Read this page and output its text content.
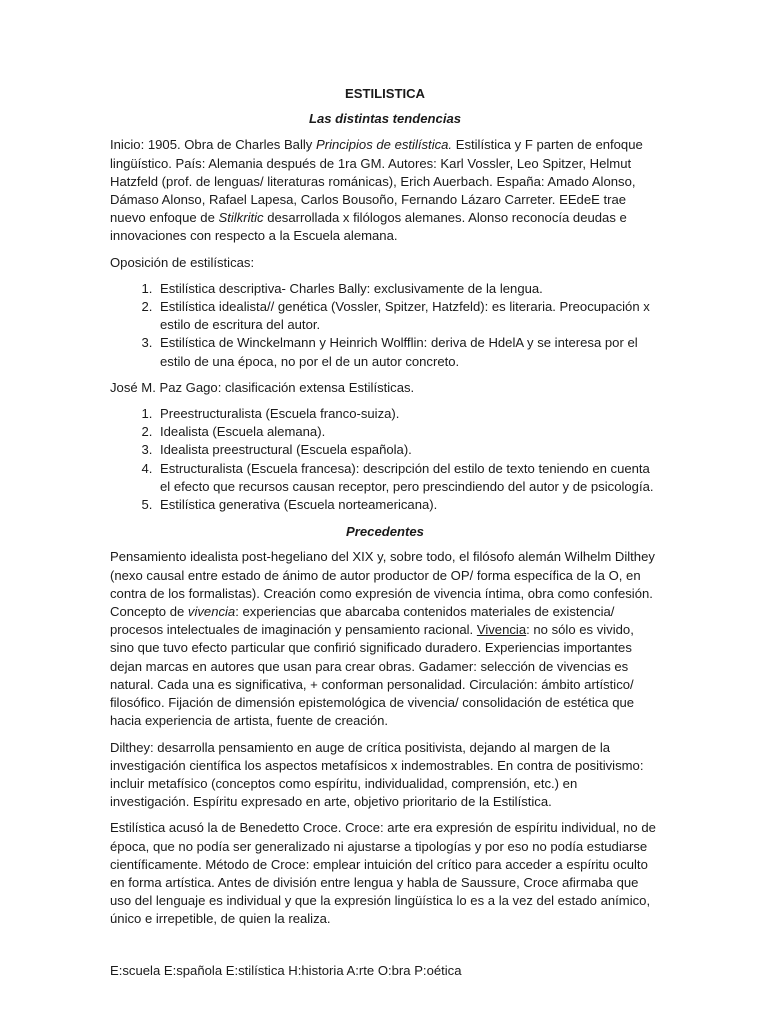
ESTILISTICA
Las distintas tendencias

Inicio: 1905. Obra de Charles Bally Principios de estilística. Estilística y F parten de enfoque lingüístico. País: Alemania después de 1ra GM. Autores: Karl Vossler, Leo Spitzer, Helmut Hatzfeld (prof. de lenguas/ literaturas románicas), Erich Auerbach. España: Amado Alonso, Dámaso Alonso, Rafael Lapesa, Carlos Bousoño, Fernando Lázaro Carreter. EEdeE trae nuevo enfoque de Stilkritic desarrollada x filólogos alemanes. Alonso reconocía deudas e innovaciones con respecto a la Escuela alemana.

Oposición de estilísticas:

1. Estilística descriptiva- Charles Bally: exclusivamente de la lengua.
2. Estilística idealista// genética (Vossler, Spitzer, Hatzfeld): es literaria. Preocupación x estilo de escritura del autor.
3. Estilística de Winckelmann y Heinrich Wolfflin: deriva de HdelA y se interesa por el estilo de una época, no por el de un autor concreto.

José M. Paz Gago: clasificación extensa Estilísticas.

1. Preestructuralista (Escuela franco-suiza).
2. Idealista (Escuela alemana).
3. Idealista preestructural (Escuela española).
4. Estructuralista (Escuela francesa): descripción del estilo de texto teniendo en cuenta el efecto que recursos causan receptor, pero prescindiendo del autor y de psicología.
5. Estilística generativa (Escuela norteamericana).
Precedentes

Pensamiento idealista post-hegeliano del XIX y, sobre todo, el filósofo alemán Wilhelm Dilthey (nexo causal entre estado de ánimo de autor productor de OP/ forma específica de la O, en contra de los formalistas). Creación como expresión de vivencia íntima, obra como confesión. Concepto de vivencia: experiencias que abarcaba contenidos materiales de existencia/ procesos intelectuales de imaginación y pensamiento racional. Vivencia: no sólo es vivido, sino que tuvo efecto particular que confirió significado duradero. Experiencias importantes dejan marcas en autores que usan para crear obras. Gadamer: selección de vivencias es natural. Cada una es significativa, + conforman personalidad. Circulación: ámbito artístico/ filosófico. Fijación de dimensión epistemológica de vivencia/ consolidación de estética que hacia experiencia de artista, fuente de creación.

Dilthey: desarrolla pensamiento en auge de crítica positivista, dejando al margen de la investigación científica los aspectos metafísicos x indemostrables. En contra de positivismo: incluir metafísico (conceptos como espíritu, individualidad, comprensión, etc.) en investigación. Espíritu expresado en arte, objetivo prioritario de la Estilística.

Estilística acusó la de Benedetto Croce. Croce: arte era expresión de espíritu individual, no de época, que no podía ser generalizado ni ajustarse a tipologías y por eso no podía estudiarse científicamente. Método de Croce: emplear intuición del crítico para acceder a espíritu oculto en forma artística. Antes de división entre lengua y habla de Saussure, Croce afirmaba que uso del lenguaje es individual y que la expresión lingüística lo es a la vez del estado anímico, único e irrepetible, de quien la realiza.

E:scuela E:spañola E:stilística H:historia A:rte O:bra P:oética
